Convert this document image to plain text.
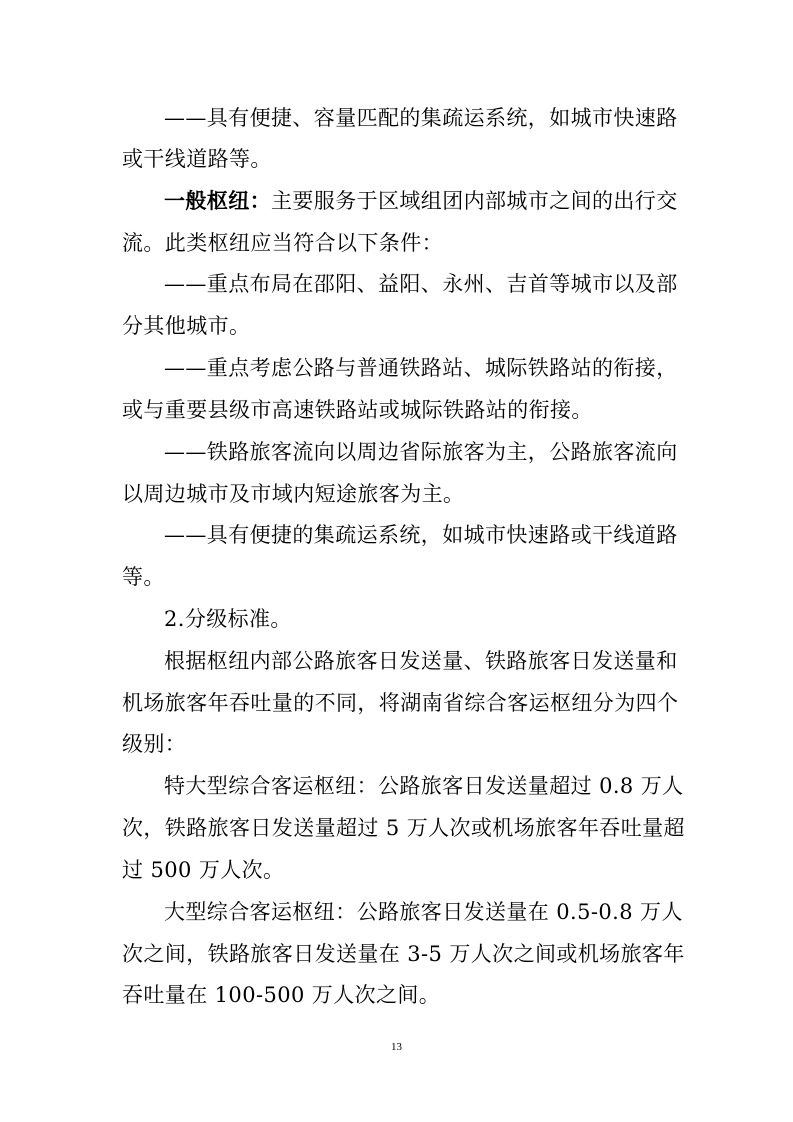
——具有便捷、容量匹配的集疏运系统，如城市快速路
或干线道路等。
一般枢纽：主要服务于区域组团内部城市之间的出行交
流。此类枢纽应当符合以下条件：
——重点布局在邵阳、益阳、永州、吉首等城市以及部
分其他城市。
——重点考虑公路与普通铁路站、城际铁路站的衔接，
或与重要县级市高速铁路站或城际铁路站的衔接。
——铁路旅客流向以周边省际旅客为主，公路旅客流向
以周边城市及市域内短途旅客为主。
——具有便捷的集疏运系统，如城市快速路或干线道路
等。
2.分级标准。
根据枢纽内部公路旅客日发送量、铁路旅客日发送量和
机场旅客年吞吐量的不同，将湖南省综合客运枢纽分为四个
级别：
特大型综合客运枢纽：公路旅客日发送量超过 0.8 万人
次，铁路旅客日发送量超过 5 万人次或机场旅客年吞吐量超
过 500 万人次。
大型综合客运枢纽：公路旅客日发送量在 0.5-0.8 万人
次之间，铁路旅客日发送量在 3-5 万人次之间或机场旅客年
吞吐量在 100-500 万人次之间。
13
